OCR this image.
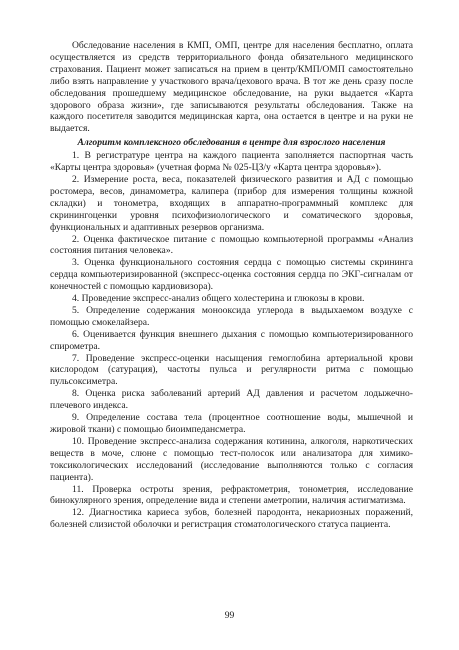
Обследование населения в КМП, ОМП, центре для населения бесплатно, оплата осуществляется из средств территориального фонда обязательного медицинского страхования. Пациент может записаться на прием в центр/КМП/ОМП самостоятельно либо взять направление у участкового врача/цехового врача. В тот же день сразу после обследования прошедшему медицинское обследование, на руки выдается «Карта здорового образа жизни», где записываются результаты обследования. Также на каждого посетителя заводится медицинская карта, она остается в центре и на руки не выдается.

Алгоритм комплексного обследования в центре для взрослого населения

1. В регистратуре центра на каждого пациента заполняется паспортная часть «Карты центра здоровья» (учетная форма № 025-ЦЗ/у «Карта центра здоровья»).

2. Измерение роста, веса, показателей физического развития и АД с помощью ростомера, весов, динамометра, калипера (прибор для измерения толщины кожной складки) и тонометра, входящих в аппаратно-программный комплекс для скринингоценки уровня психофизиологического и соматического здоровья, функциональных и адаптивных резервов организма.

2. Оценка фактическое питание с помощью компьютерной программы «Анализ состояния питания человека».

3. Оценка функционального состояния сердца с помощью системы скрининга сердца компьютеризированной (экспресс-оценка состояния сердца по ЭКГ-сигналам от конечностей с помощью кардиовизора).

4. Проведение экспресс-анализ общего холестерина и глюкозы в крови.

5. Определение содержания монооксида углерода в выдыхаемом воздухе с помощью смокелайзера.

6. Оценивается функция внешнего дыхания с помощью компьютеризированного спирометра.

7. Проведение экспресс-оценки насыщения гемоглобина артериальной крови кислородом (сатурация), частоты пульса и регулярности ритма с помощью пульсоксиметра.

8. Оценка риска заболеваний артерий АД давления и расчетом лодыжечно-плечевого индекса.

9. Определение состава тела (процентное соотношение воды, мышечной и жировой ткани) с помощью биоимпедансметра.

10. Проведение экспресс-анализа содержания котинина, алкоголя, наркотических веществ в моче, слюне с помощью тест-полосок или анализатора для химико-токсикологических исследований (исследование выполняются только с согласия пациента).

11. Проверка остроты зрения, рефрактометрия, тонометрия, исследование бинокулярного зрения, определение вида и степени аметропии, наличия астигматизма.

12. Диагностика кариеса зубов, болезней пародонта, некариозных поражений, болезней слизистой оболочки и регистрация стоматологического статуса пациента.

99
